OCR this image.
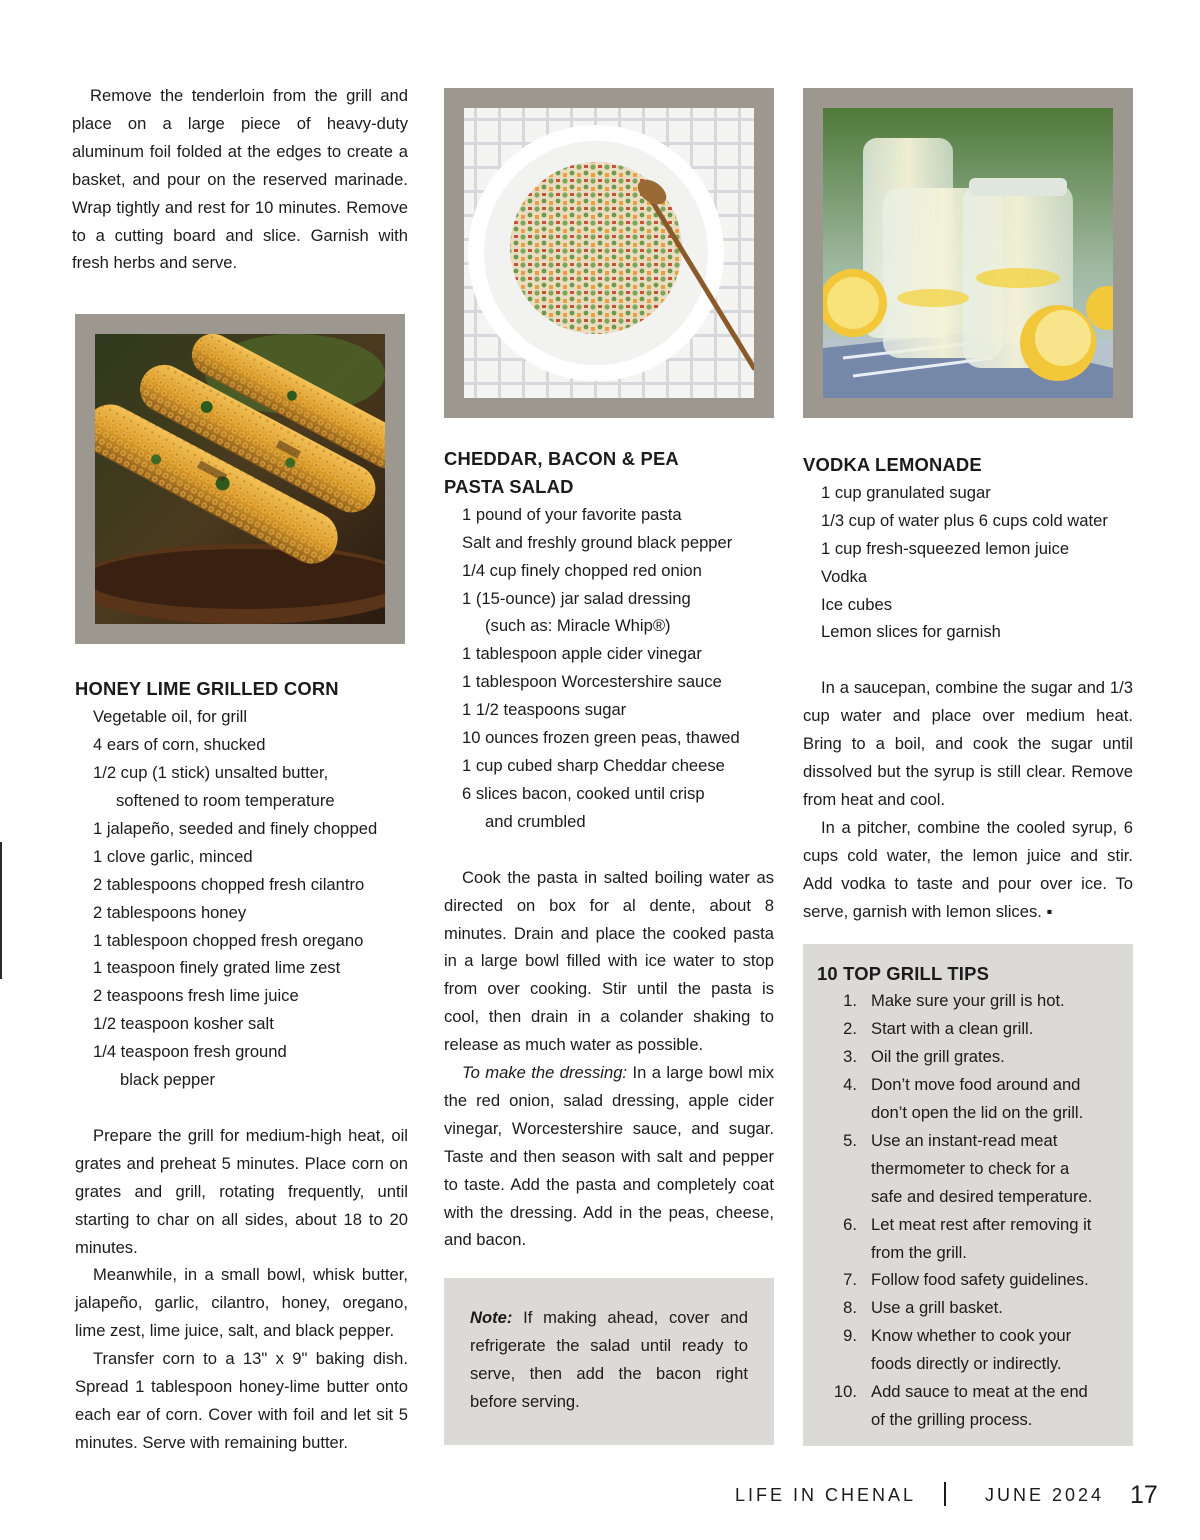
Remove the tenderloin from the grill and place on a large piece of heavy-duty aluminum foil folded at the edges to create a basket, and pour on the reserved marinade. Wrap tightly and rest for 10 minutes. Remove to a cutting board and slice. Garnish with fresh herbs and serve.

HONEY LIME GRILLED CORN

Vegetable oil, for grill
4 ears of corn, shucked
1/2 cup (1 stick) unsalted butter,
softened to room temperature
1 jalapeño, seeded and finely chopped
1 clove garlic, minced
2 tablespoons chopped fresh cilantro
2 tablespoons honey
1 tablespoon chopped fresh oregano
1 teaspoon finely grated lime zest
2 teaspoons fresh lime juice
1/2 teaspoon kosher salt
1/4 teaspoon fresh ground
black pepper

Prepare the grill for medium-high heat, oil grates and preheat 5 minutes. Place corn on grates and grill, rotating frequently, until starting to char on all sides, about 18 to 20 minutes.

Meanwhile, in a small bowl, whisk butter, jalapeño, garlic, cilantro, honey, oregano, lime zest, lime juice, salt, and black pepper.

Transfer corn to a 13" x 9" baking dish. Spread 1 tablespoon honey-lime butter onto each ear of corn. Cover with foil and let sit 5 minutes. Serve with remaining butter.

CHEDDAR, BACON & PEA

PASTA SALAD

1 pound of your favorite pasta
Salt and freshly ground black pepper
1/4 cup finely chopped red onion
1 (15-ounce) jar salad dressing
(such as: Miracle Whip®)
1 tablespoon apple cider vinegar
1 tablespoon Worcestershire sauce
1 1/2 teaspoons sugar
10 ounces frozen green peas, thawed
1 cup cubed sharp Cheddar cheese
6 slices bacon, cooked until crisp
and crumbled

Cook the pasta in salted boiling water as directed on box for al dente, about 8 minutes. Drain and place the cooked pasta in a large bowl filled with ice water to stop from over cooking. Stir until the pasta is cool, then drain in a colander shaking to release as much water as possible.

To make the dressing: In a large bowl mix the red onion, salad dressing, apple cider vinegar, Worcestershire sauce, and sugar. Taste and then season with salt and pepper to taste. Add the pasta and completely coat with the dressing. Add in the peas, cheese, and bacon.

Note: If making ahead, cover and refrigerate the salad until ready to serve, then add the bacon right before serving.

VODKA LEMONADE

1 cup granulated sugar
1/3 cup of water plus 6 cups cold water
1 cup fresh-squeezed lemon juice
Vodka
Ice cubes
Lemon slices for garnish

In a saucepan, combine the sugar and 1/3 cup water and place over medium heat. Bring to a boil, and cook the sugar until dissolved but the syrup is still clear. Remove from heat and cool.

In a pitcher, combine the cooled syrup, 6 cups cold water, the lemon juice and stir. Add vodka to taste and pour over ice. To serve, garnish with lemon slices. ▪

10 TOP GRILL TIPS

1. Make sure your grill is hot.
2. Start with a clean grill.
3. Oil the grill grates.
4. Don’t move food around and
don’t open the lid on the grill.
5. Use an instant-read meat
thermometer to check for a
safe and desired temperature.
6. Let meat rest after removing it
from the grill.
7. Follow food safety guidelines.
8. Use a grill basket.
9. Know whether to cook your
foods directly or indirectly.
10. Add sauce to meat at the end
of the grilling process.
LIFE IN CHENAL	JUNE 2024 17
